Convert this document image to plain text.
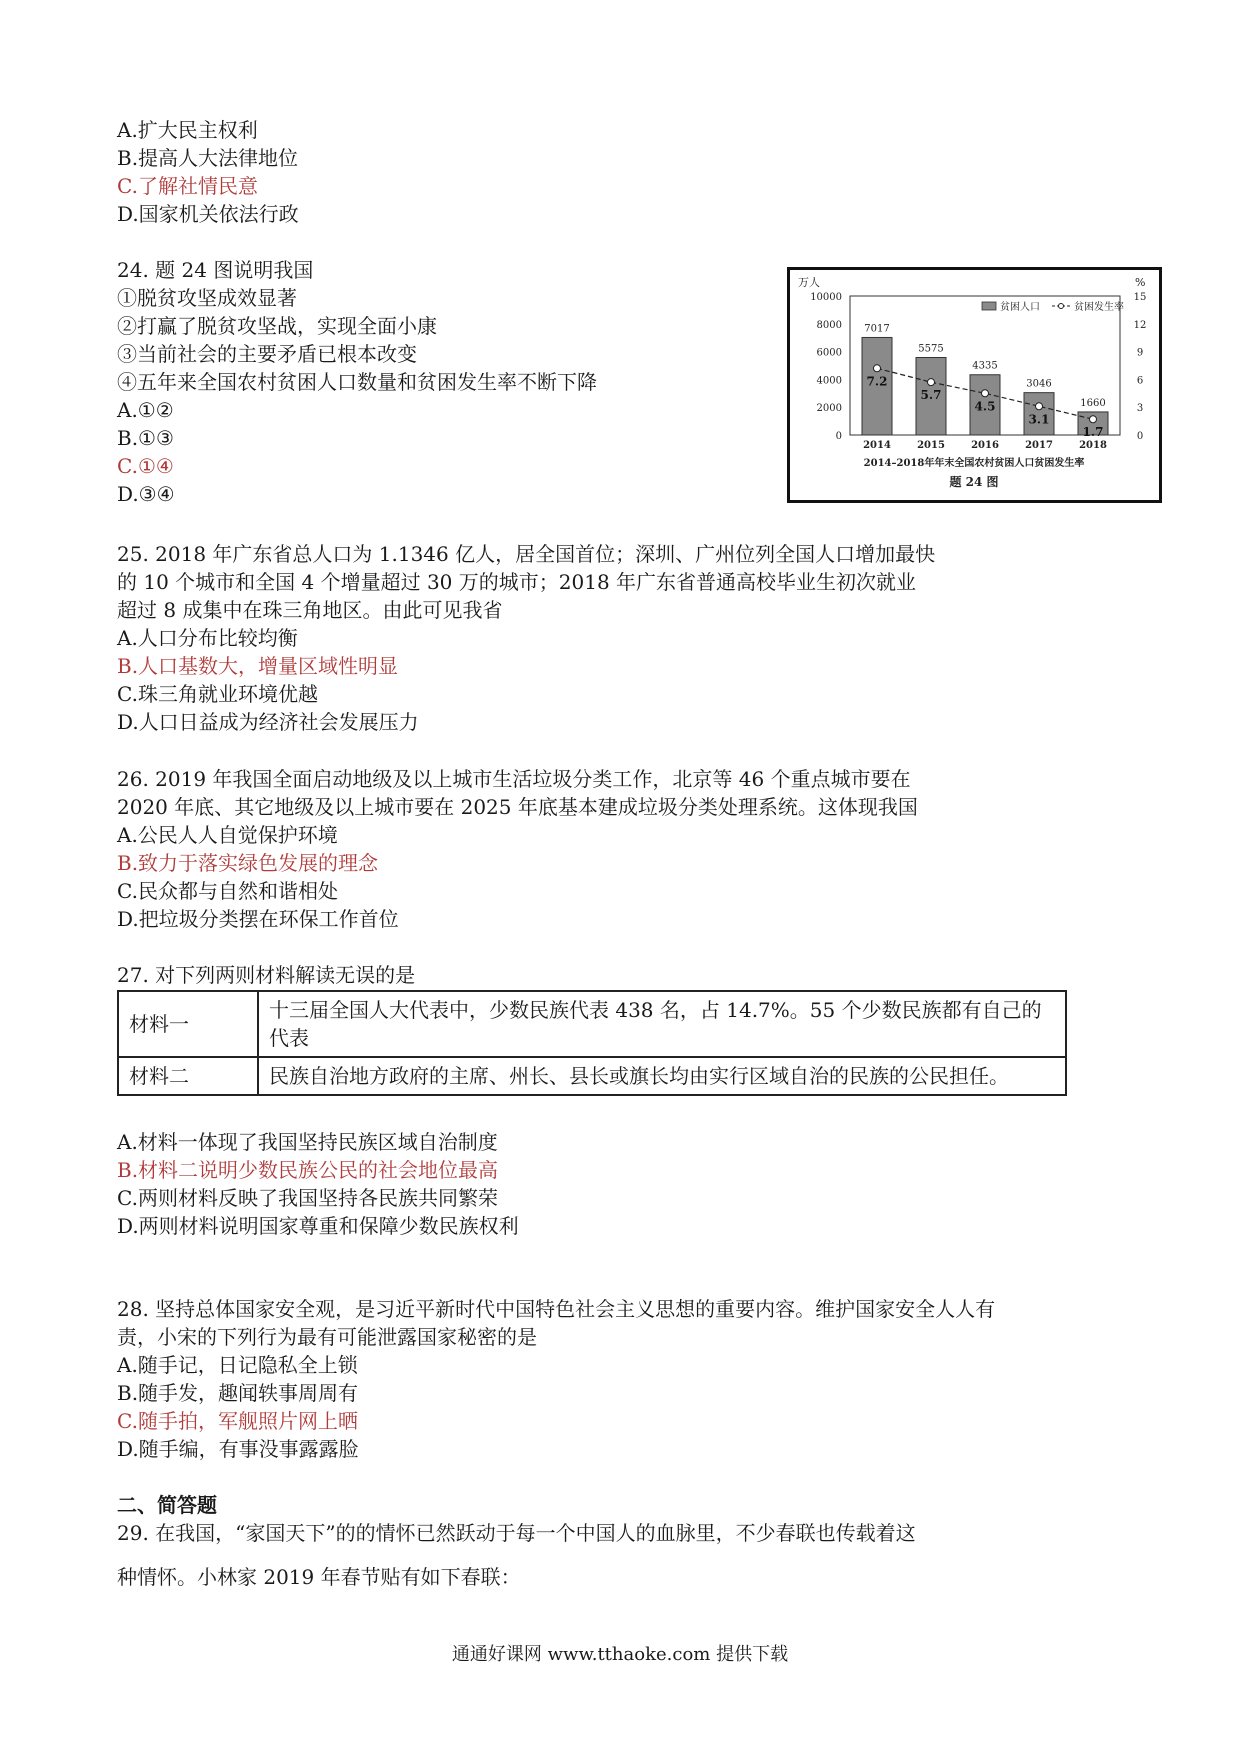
A.扩大民主权利
B.提高人大法律地位
C.了解社情民意
D.国家机关依法行政
24. 题 24 图说明我国
①脱贫攻坚成效显著
②打赢了脱贫攻坚战，实现全面小康
③当前社会的主要矛盾已根本改变
④五年来全国农村贫困人口数量和贫困发生率不断下降
A.①②
B.①③
C.①④
D.③④
万人	%
10000
8000
6000
4000
2000
0
15
12
9
6
3
0
贫困人口	贫困发生率
7017
5575
4335
3046
1660
7.2
5.7
4.5
3.1
1.7
2014	2015	2016	2017	2018
2014–2018年年末全国农村贫困人口贫困发生率
题 24 图
25. 2018 年广东省总人口为 1.1346 亿人，居全国首位；深圳、广州位列全国人口增加最快
的 10 个城市和全国 4 个增量超过 30 万的城市；2018 年广东省普通高校毕业生初次就业
超过 8 成集中在珠三角地区。由此可见我省
A.人口分布比较均衡
B.人口基数大，增量区域性明显
C.珠三角就业环境优越
D.人口日益成为经济社会发展压力
26. 2019 年我国全面启动地级及以上城市生活垃圾分类工作，北京等 46 个重点城市要在
2020 年底、其它地级及以上城市要在 2025 年底基本建成垃圾分类处理系统。这体现我国
A.公民人人自觉保护环境
B.致力于落实绿色发展的理念
C.民众都与自然和谐相处
D.把垃圾分类摆在环保工作首位
27. 对下列两则材料解读无误的是
材料一	十三届全国人大代表中，少数民族代表 438 名，占 14.7%。55 个少数民族都有自己的代表
材料二	民族自治地方政府的主席、州长、县长或旗长均由实行区域自治的民族的公民担任。
A.材料一体现了我国坚持民族区域自治制度
B.材料二说明少数民族公民的社会地位最高
C.两则材料反映了我国坚持各民族共同繁荣
D.两则材料说明国家尊重和保障少数民族权利
28. 坚持总体国家安全观，是习近平新时代中国特色社会主义思想的重要内容。维护国家安全人人有
责，小宋的下列行为最有可能泄露国家秘密的是
A.随手记，日记隐私全上锁
B.随手发，趣闻轶事周周有
C.随手拍，军舰照片网上晒
D.随手编，有事没事露露脸
二、简答题
29. 在我国，“家国天下”的的情怀已然跃动于每一个中国人的血脉里，不少春联也传载着这
种情怀。小林家 2019 年春节贴有如下春联：
通通好课网 www.tthaoke.com 提供下载
